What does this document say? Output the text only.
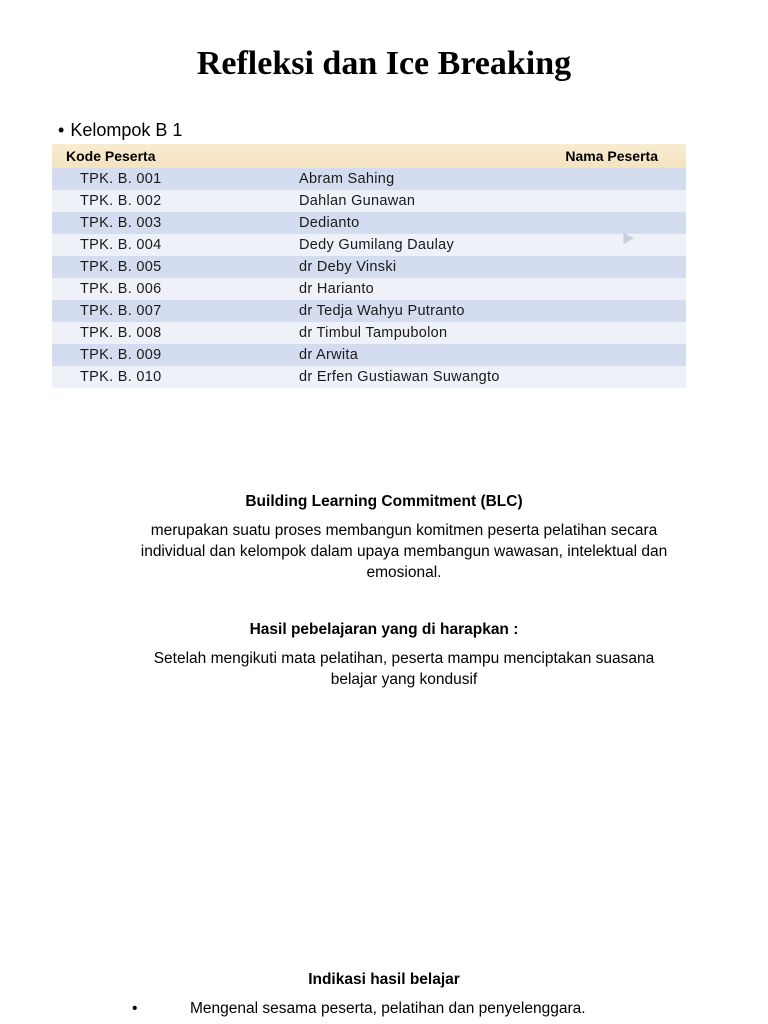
Refleksi dan Ice Breaking
• Kelompok B 1
Kode Peserta	Nama Peserta
TPK. B. 001	Abram Sahing
TPK. B. 002	Dahlan Gunawan
TPK. B. 003	Dedianto
TPK. B. 004	Dedy Gumilang Daulay
TPK. B. 005	dr Deby Vinski
TPK. B. 006	dr Harianto
TPK. B. 007	dr Tedja Wahyu Putranto
TPK. B. 008	dr Timbul Tampubolon
TPK. B. 009	dr Arwita
TPK. B. 010	dr Erfen Gustiawan Suwangto
Building Learning Commitment (BLC)
merupakan suatu proses membangun komitmen peserta pelatihan secara individual dan kelompok dalam upaya membangun wawasan, intelektual dan emosional.
Hasil pebelajaran yang di harapkan :
Setelah mengikuti mata pelatihan, peserta mampu menciptakan suasana belajar yang kondusif
Indikasi hasil belajar
•	Mengenal sesama peserta, pelatihan dan penyelenggara.
